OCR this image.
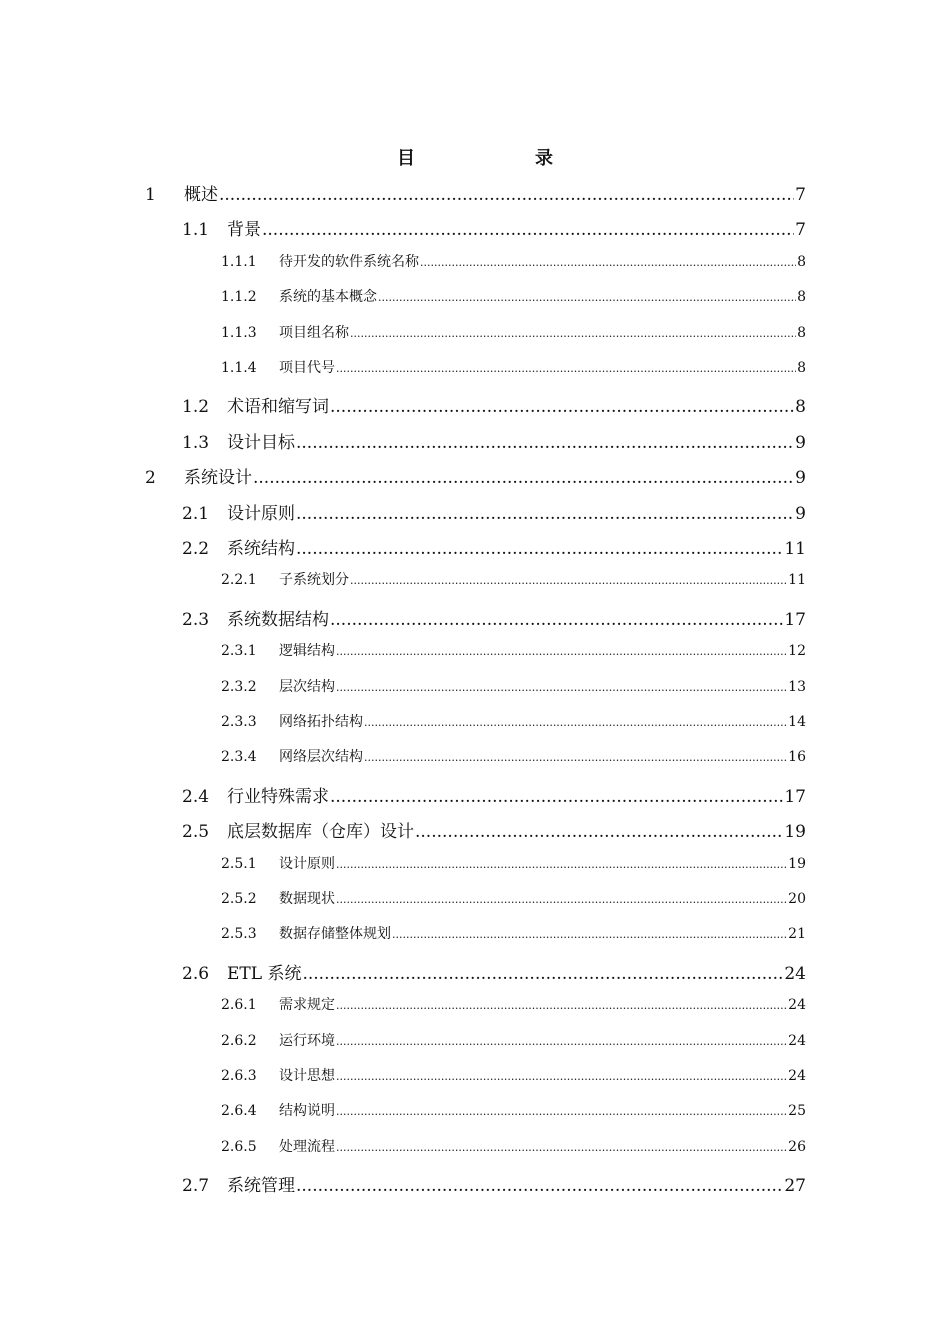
目　　录
1	概述 .....	7
1.1	背景 .....	7
1.1.1	待开发的软件系统名称 .....	8
1.1.2	系统的基本概念 .....	8
1.1.3	项目组名称 .....	8
1.1.4	项目代号 .....	8
1.2	术语和缩写词 .....	8
1.3	设计目标 .....	9
2	系统设计 .....	9
2.1	设计原则 .....	9
2.2	系统结构 .....	11
2.2.1	子系统划分 .....	11
2.3	系统数据结构 .....	17
2.3.1	逻辑结构 .....	12
2.3.2	层次结构 .....	13
2.3.3	网络拓扑结构 .....	14
2.3.4	网络层次结构 .....	16
2.4	行业特殊需求 .....	17
2.5	底层数据库（仓库）设计 .....	19
2.5.1	设计原则 .....	19
2.5.2	数据现状 .....	20
2.5.3	数据存储整体规划 .....	21
2.6	ETL 系统 .....	24
2.6.1	需求规定 .....	24
2.6.2	运行环境 .....	24
2.6.3	设计思想 .....	24
2.6.4	结构说明 .....	25
2.6.5	处理流程 .....	26
2.7	系统管理 .....	27
